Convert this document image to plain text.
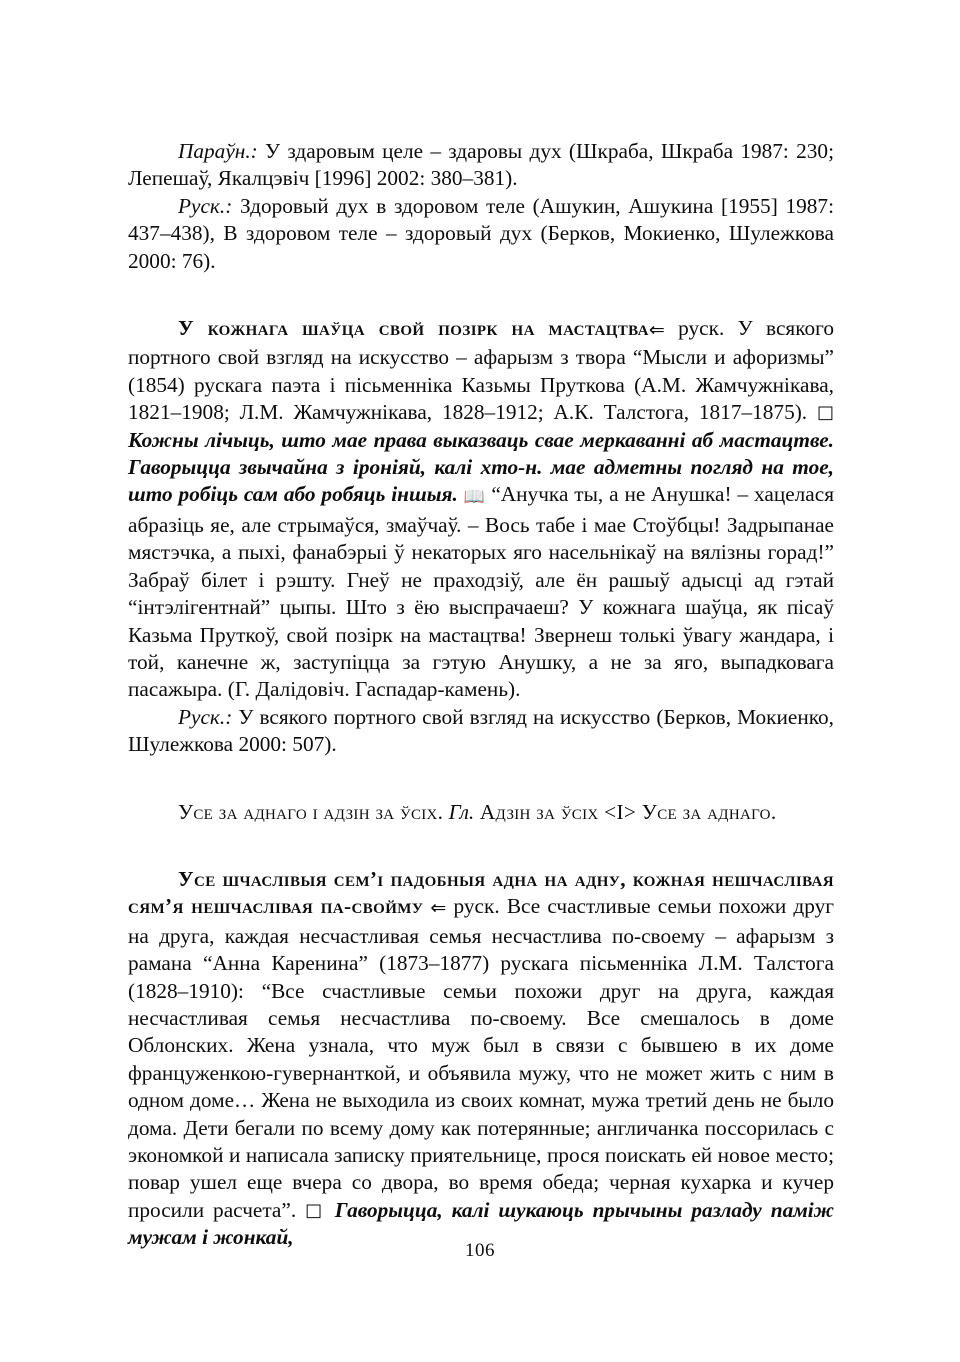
Параўн.: У здаровым целе – здаровы дух (Шкраба, Шкраба 1987: 230; Лепешаў, Якалцэвіч [1996] 2002: 380–381).

Руск.: Здоровый дух в здоровом теле (Ашукин, Ашукина [1955] 1987: 437–438), В здоровом теле – здоровый дух (Берков, Мокиенко, Шулежкова 2000: 76).

У кожнага шаўца свой позірк на мастацтва⇐ руск. У всякого портного свой взгляд на искусство – афарызм з твора “Мысли и афоризмы” (1854) рускага паэта і пісьменніка Казьмы Пруткова (А.М. Жамчужнікава, 1821–1908; Л.М. Жамчужнікава, 1828–1912; А.К. Талстога, 1817–1875). □ Кожны лічыць, што мае права выказваць свае меркаванні аб мастацтве. Гаворыцца звычайна з іроніяй, калі хто-н. мае адметны погляд на тое, што робіць сам або робяць іншыя. 📖 “Анучка ты, а не Анушка! – хацелася абразіць яе, але стрымаўся, змаўчаў. – Вось табе і мае Стоўбцы! Задрыпанае мястэчка, а пыхі, фанабэрыі ў некаторых яго насельнікаў на вялізны горад!” Забраў білет і рэшту. Гнеў не праходзіў, але ён рашыў адысці ад гэтай “інтэлігентнай” цыпы. Што з ёю выспрачаеш? У кожнага шаўца, як пісаў Казьма Пруткоў, свой позірк на мастацтва! Звернеш толькі ўвагу жандара, і той, канечне ж, заступіцца за гэтую Анушку, а не за яго, выпадковага пасажыра. (Г. Далідовіч. Гаспадар-камень).

Руск.: У всякого портного свой взгляд на искусство (Берков, Мокиенко, Шулежкова 2000: 507).

Усе за аднаго і адзін за ўсіх. Гл. Адзін за ўсіх <І> Усе за аднаго.

Усе шчаслівыя сем’і падобныя адна на адну, кожная нешчаслівая сям’я нешчаслівая па-свойму ⇐ руск. Все счастливые семьи похожи друг на друга, каждая несчастливая семья несчастлива по-своему – афарызм з рамана “Анна Каренина” (1873–1877) рускага пісьменніка Л.М. Талстога (1828–1910): “Все счастливые семьи похожи друг на друга, каждая несчастливая семья несчастлива по-своему. Все смешалось в доме Облонских. Жена узнала, что муж был в связи с бывшею в их доме француженкою-гувернанткой, и объявила мужу, что не может жить с ним в одном доме… Жена не выходила из своих комнат, мужа третий день не было дома. Дети бегали по всему дому как потерянные; англичанка поссорилась с экономкой и написала записку приятельнице, прося поискать ей новое место; повар ушел еще вчера со двора, во время обеда; черная кухарка и кучер просили расчета”. □ Гаворыцца, калі шукаюць прычыны разладу паміж мужам і жонкай,

106
